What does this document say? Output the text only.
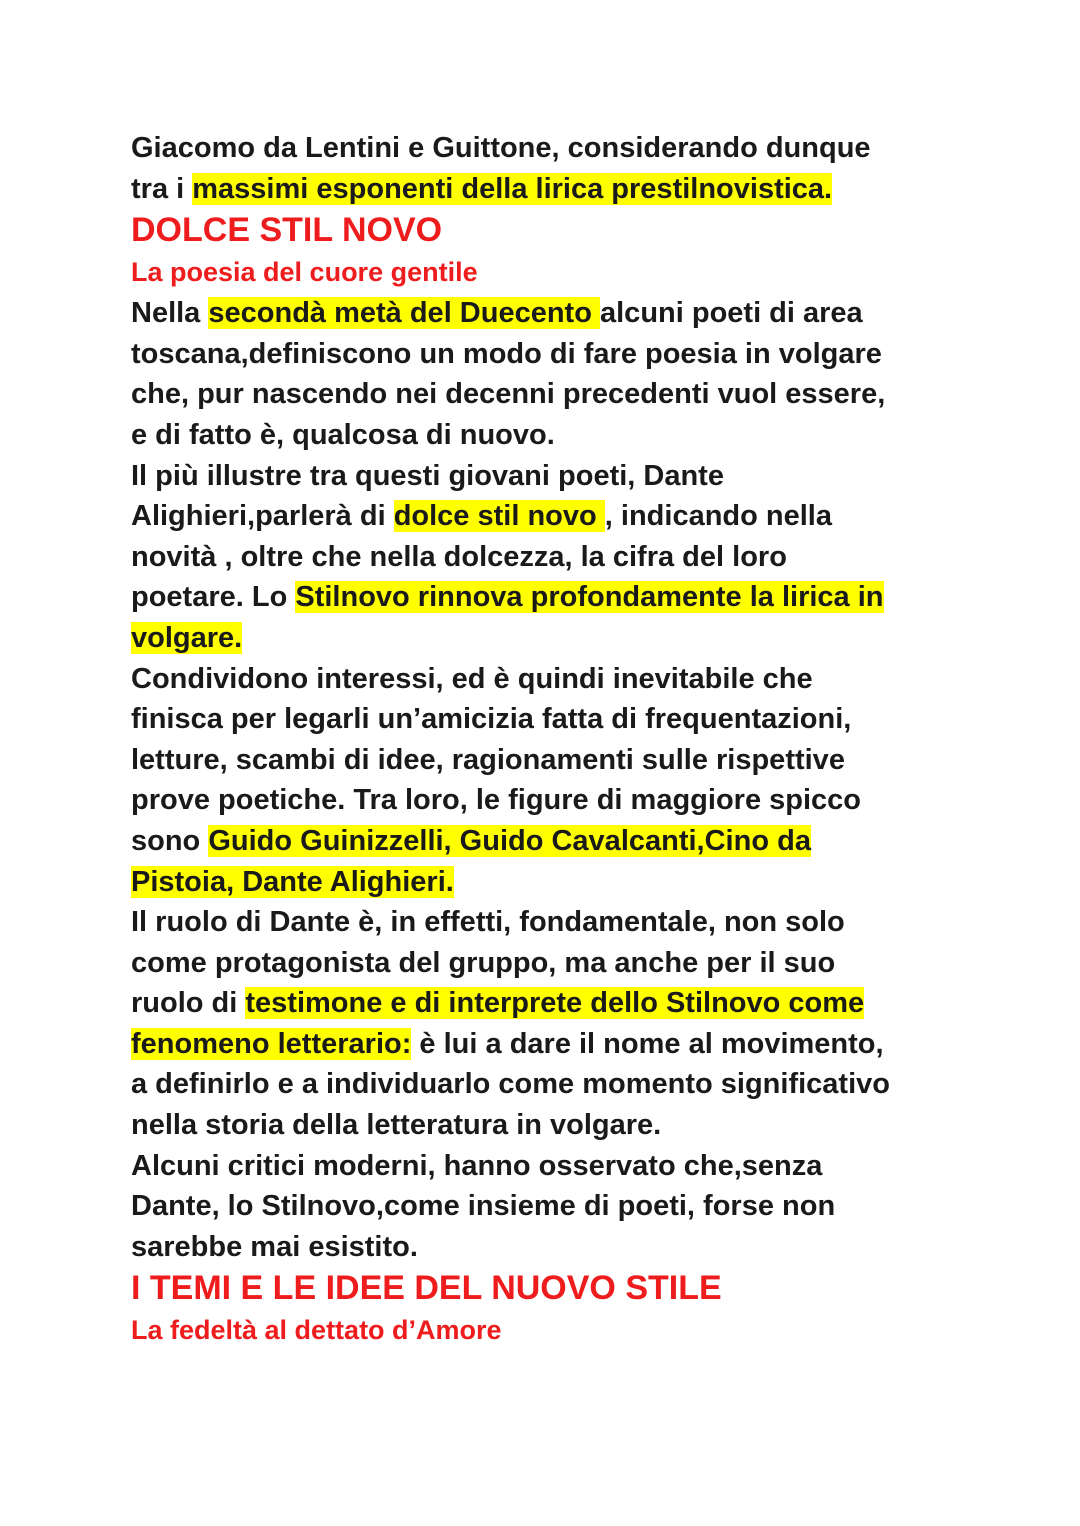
Giacomo da Lentini e Guittone, considerando dunque
tra i massimi esponenti della lirica prestilnovistica.
DOLCE STIL NOVO
La poesia del cuore gentile
Nella secondà metà del Duecento alcuni poeti di area
toscana,definiscono un modo di fare poesia in volgare
che, pur nascendo nei decenni precedenti vuol essere,
e di fatto è, qualcosa di nuovo.
Il più illustre tra questi giovani poeti, Dante
Alighieri,parlerà di dolce stil novo , indicando nella
novità , oltre che nella dolcezza, la cifra del loro
poetare. Lo Stilnovo rinnova profondamente la lirica in
volgare.
Condividono interessi, ed è quindi inevitabile che
finisca per legarli un’amicizia fatta di frequentazioni,
letture, scambi di idee, ragionamenti sulle rispettive
prove poetiche. Tra loro, le figure di maggiore spicco
sono Guido Guinizzelli, Guido Cavalcanti,Cino da
Pistoia, Dante Alighieri.
Il ruolo di Dante è, in effetti, fondamentale, non solo
come protagonista del gruppo, ma anche per il suo
ruolo di testimone e di interprete dello Stilnovo come
fenomeno letterario: è lui a dare il nome al movimento,
a definirlo e a individuarlo come momento significativo
nella storia della letteratura in volgare.
Alcuni critici moderni, hanno osservato che,senza
Dante, lo Stilnovo,come insieme di poeti, forse non
sarebbe mai esistito.
I TEMI E LE IDEE DEL NUOVO STILE
La fedeltà al dettato d’Amore
